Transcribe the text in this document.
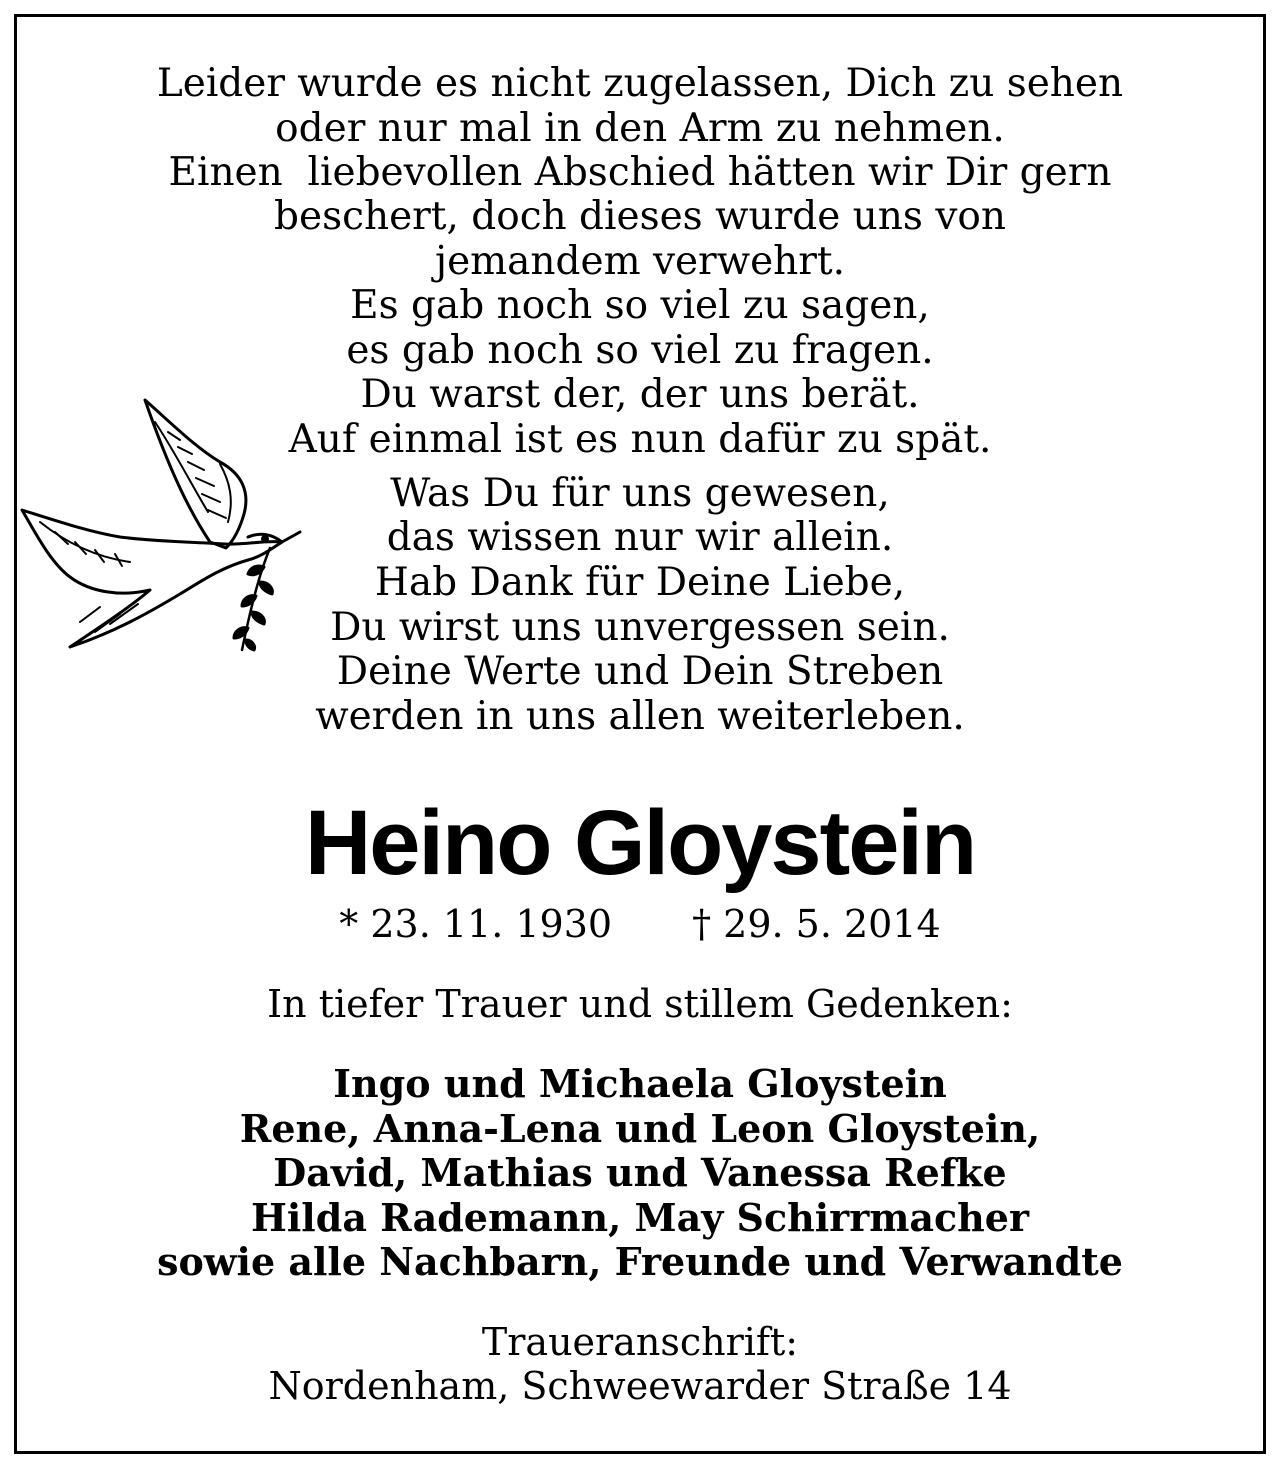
Leider wurde es nicht zugelassen, Dich zu sehen
oder nur mal in den Arm zu nehmen.
Einen  liebevollen Abschied hätten wir Dir gern
beschert, doch dieses wurde uns von
jemandem verwehrt.
Es gab noch so viel zu sagen,
es gab noch so viel zu fragen.
Du warst der, der uns berät.
Auf einmal ist es nun dafür zu spät.
Was Du für uns gewesen,
das wissen nur wir allein.
Hab Dank für Deine Liebe,
Du wirst uns unvergessen sein.
Deine Werte und Dein Streben
werden in uns allen weiterleben.
Heino Gloystein
* 23. 11. 1930 † 29. 5. 2014
In tiefer Trauer und stillem Gedenken:
Ingo und Michaela Gloystein
Rene, Anna-Lena und Leon Gloystein,
David, Mathias und Vanessa Refke
Hilda Rademann, May Schirrmacher
sowie alle Nachbarn, Freunde und Verwandte
Traueranschrift:
Nordenham, Schweewarder Straße 14
